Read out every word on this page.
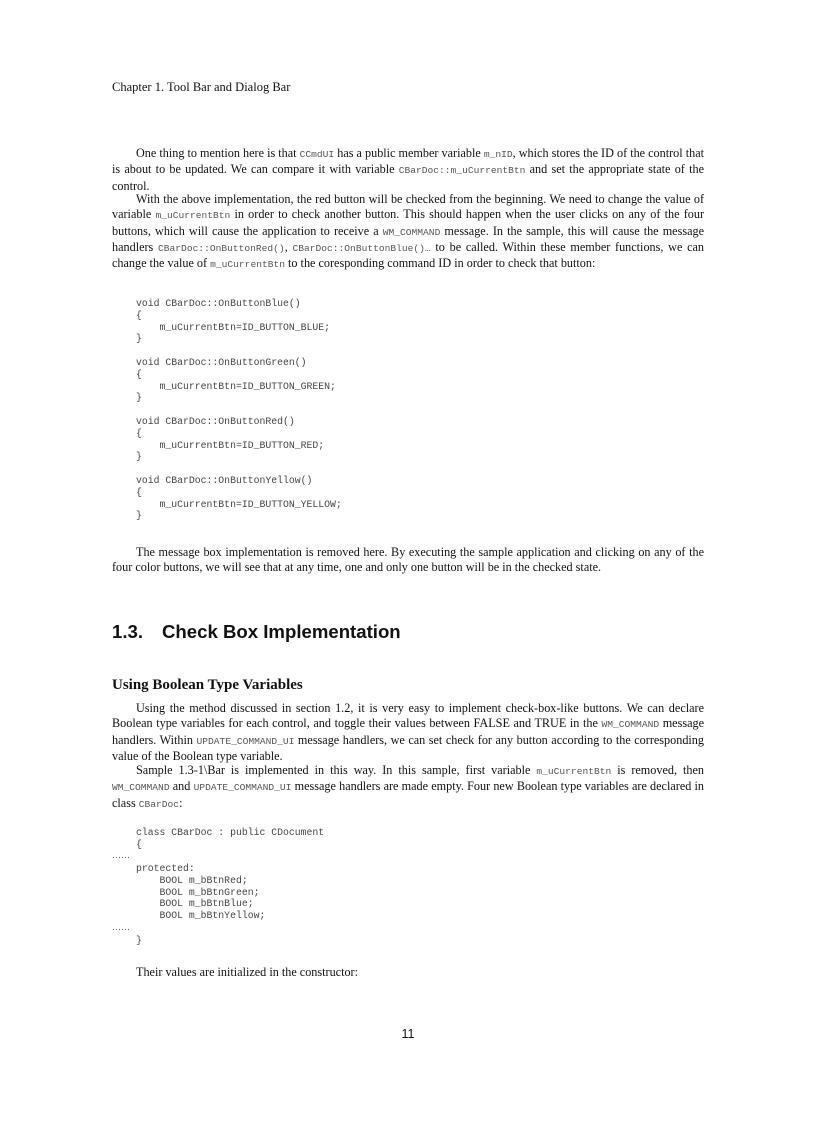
Chapter 1. Tool Bar and Dialog Bar

One thing to mention here is that CCmdUI has a public member variable m_nID, which stores the ID of the control that is about to be updated. We can compare it with variable CBarDoc::m_uCurrentBtn and set the appropriate state of the control.

With the above implementation, the red button will be checked from the beginning. We need to change the value of variable m_uCurrentBtn in order to check another button. This should happen when the user clicks on any of the four buttons, which will cause the application to receive a WM_COMMAND message. In the sample, this will cause the message handlers CBarDoc::OnButtonRed(), CBarDoc::OnButtonBlue()… to be called. Within these member functions, we can change the value of m_uCurrentBtn to the coresponding command ID in order to check that button:

void CBarDoc::OnButtonBlue()
{
m_uCurrentBtn=ID_BUTTON_BLUE;
}

void CBarDoc::OnButtonGreen()
{
m_uCurrentBtn=ID_BUTTON_GREEN;
}

void CBarDoc::OnButtonRed()
{
m_uCurrentBtn=ID_BUTTON_RED;
}

void CBarDoc::OnButtonYellow()
{
m_uCurrentBtn=ID_BUTTON_YELLOW;
}

The message box implementation is removed here. By executing the sample application and clicking on any of the four color buttons, we will see that at any time, one and only one button will be in the checked state.

1.3. Check Box Implementation
Using Boolean Type Variables

Using the method discussed in section 1.2, it is very easy to implement check-box-like buttons. We can declare Boolean type variables for each control, and toggle their values between FALSE and TRUE in the WM_COMMAND message handlers. Within UPDATE_COMMAND_UI message handlers, we can set check for any button according to the corresponding value of the Boolean type variable.

Sample 1.3-1\Bar is implemented in this way. In this sample, first variable m_uCurrentBtn is removed, then WM_COMMAND and UPDATE_COMMAND_UI message handlers are made empty. Four new Boolean type variables are declared in class CBarDoc:

class CBarDoc : public CDocument
{
……
protected:
BOOL m_bBtnRed;
BOOL m_bBtnGreen;
BOOL m_bBtnBlue;
BOOL m_bBtnYellow;
……
}

Their values are initialized in the constructor:

11
